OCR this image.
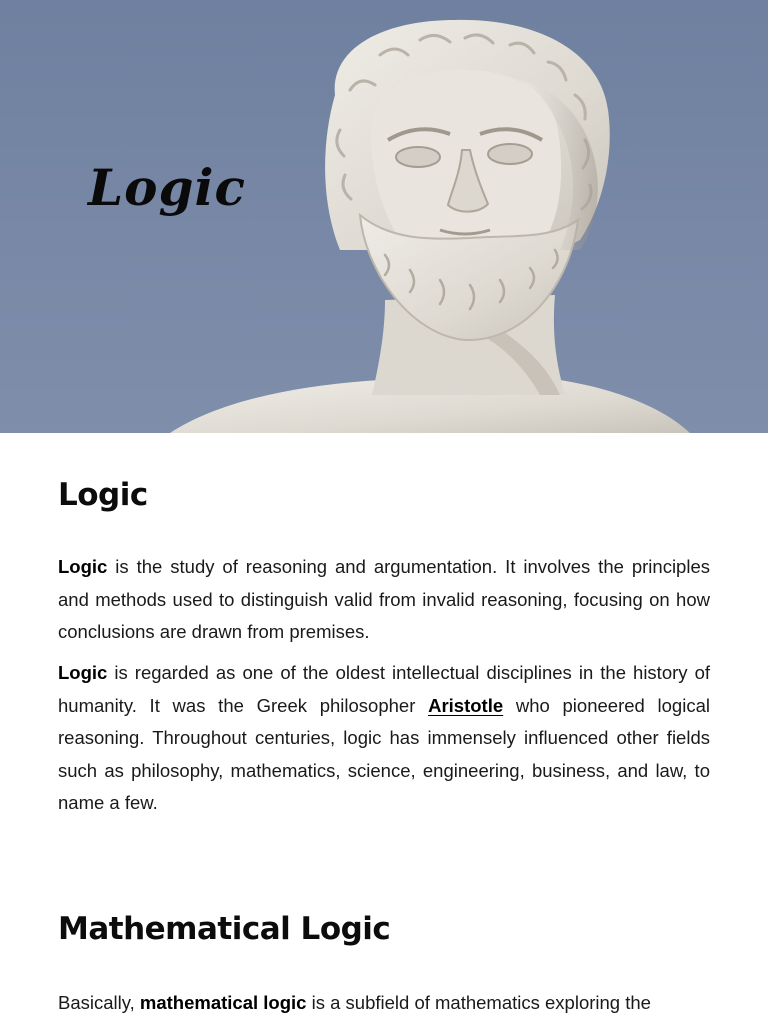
Logic
Logic

Logic is the study of reasoning and argumentation. It involves the principles and methods used to distinguish valid from invalid reasoning, focusing on how conclusions are drawn from premises.

Logic is regarded as one of the oldest intellectual disciplines in the history of humanity. It was the Greek philosopher Aristotle who pioneered logical reasoning. Throughout centuries, logic has immensely influenced other fields such as philosophy, mathematics, science, engineering, business, and law, to name a few.

Mathematical Logic

Basically, mathematical logic is a subfield of mathematics exploring the
